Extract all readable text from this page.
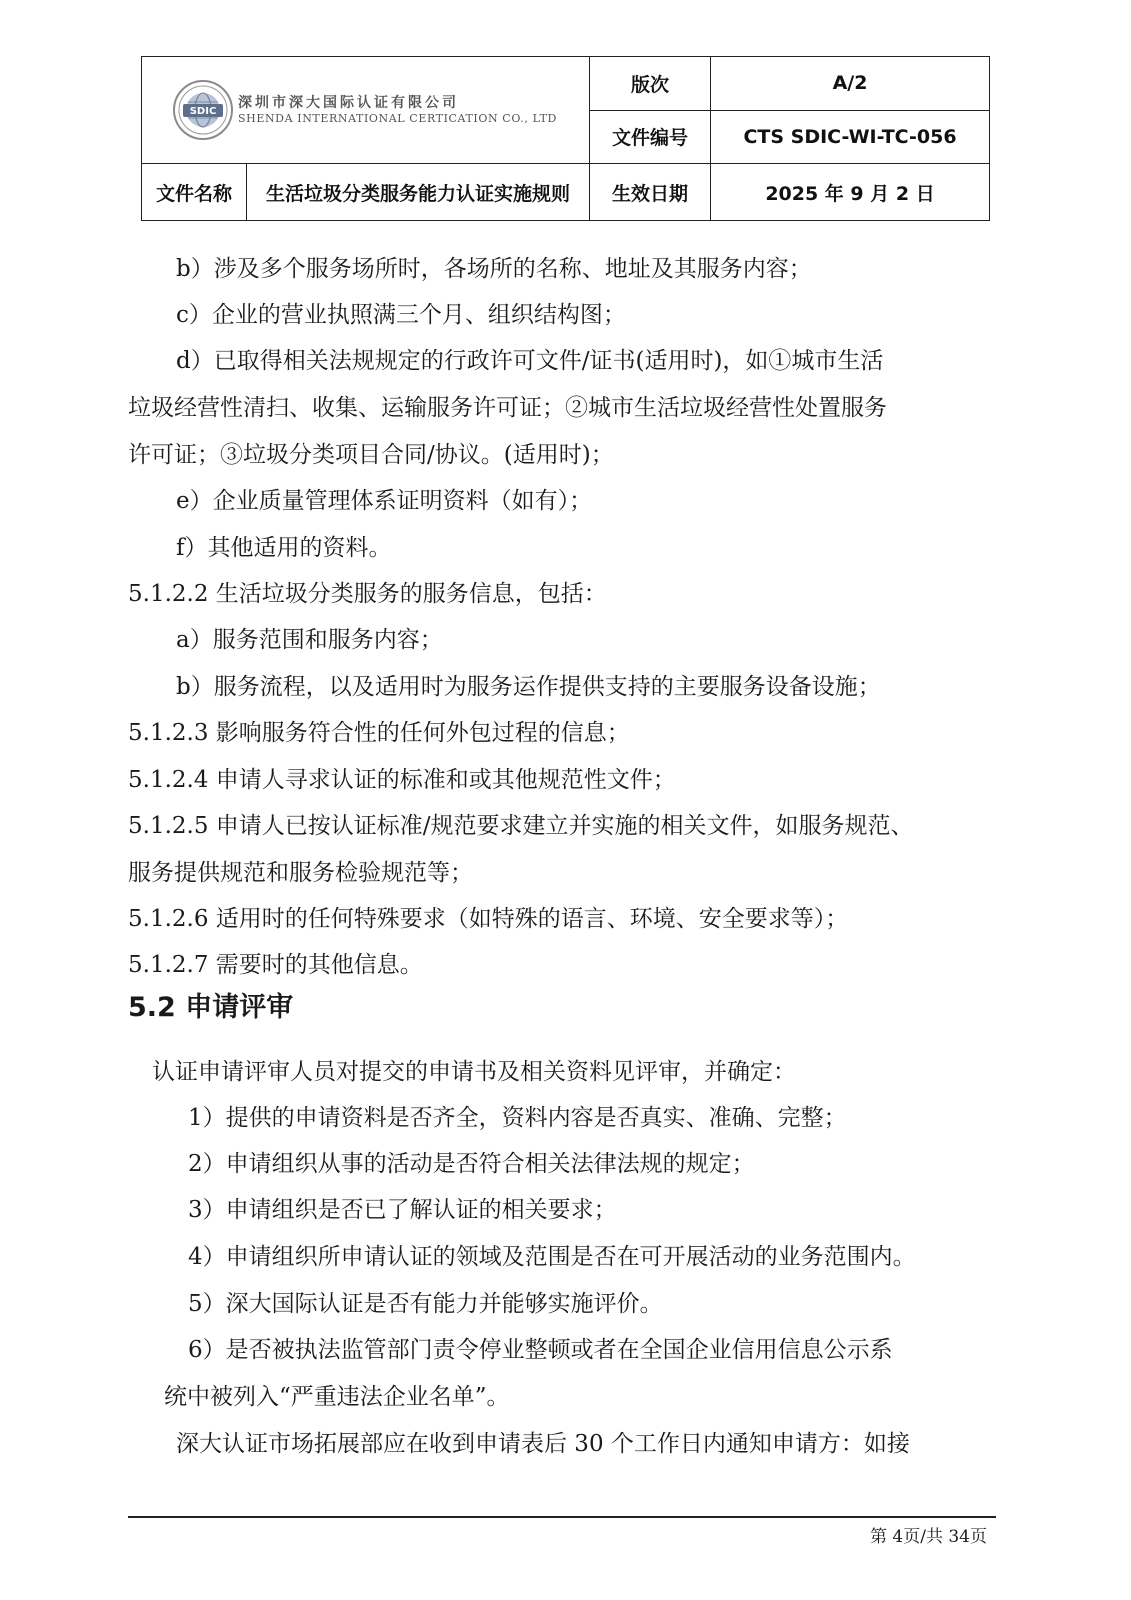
SDIC
深圳市深大国际认证有限公司
SHENDA INTERNATIONAL CERTICATION CO., LTD		版次	A/2
		文件编号	CTS SDIC-WI-TC-056
文件名称	生活垃圾分类服务能力认证实施规则	生效日期	2025 年 9 月 2 日
b）涉及多个服务场所时，各场所的名称、地址及其服务内容；
c）企业的营业执照满三个月、组织结构图；
d）已取得相关法规规定的行政许可文件/证书(适用时)，如①城市生活
垃圾经营性清扫、收集、运输服务许可证；②城市生活垃圾经营性处置服务
许可证；③垃圾分类项目合同/协议。(适用时)；
e）企业质量管理体系证明资料（如有）；
f）其他适用的资料。
5.1.2.2 生活垃圾分类服务的服务信息，包括：
a）服务范围和服务内容；
b）服务流程，以及适用时为服务运作提供支持的主要服务设备设施；
5.1.2.3 影响服务符合性的任何外包过程的信息；
5.1.2.4 申请人寻求认证的标准和或其他规范性文件；
5.1.2.5 申请人已按认证标准/规范要求建立并实施的相关文件，如服务规范、
服务提供规范和服务检验规范等；
5.1.2.6 适用时的任何特殊要求（如特殊的语言、环境、安全要求等）；
5.1.2.7 需要时的其他信息。
5.2 申请评审
认证申请评审人员对提交的申请书及相关资料见评审，并确定：
1）提供的申请资料是否齐全，资料内容是否真实、准确、完整；
2）申请组织从事的活动是否符合相关法律法规的规定；
3）申请组织是否已了解认证的相关要求；
4）申请组织所申请认证的领域及范围是否在可开展活动的业务范围内。
5）深大国际认证是否有能力并能够实施评价。
6）是否被执法监管部门责令停业整顿或者在全国企业信用信息公示系
统中被列入“严重违法企业名单”。
深大认证市场拓展部应在收到申请表后 30 个工作日内通知申请方：如接
第 4页/共 34页
